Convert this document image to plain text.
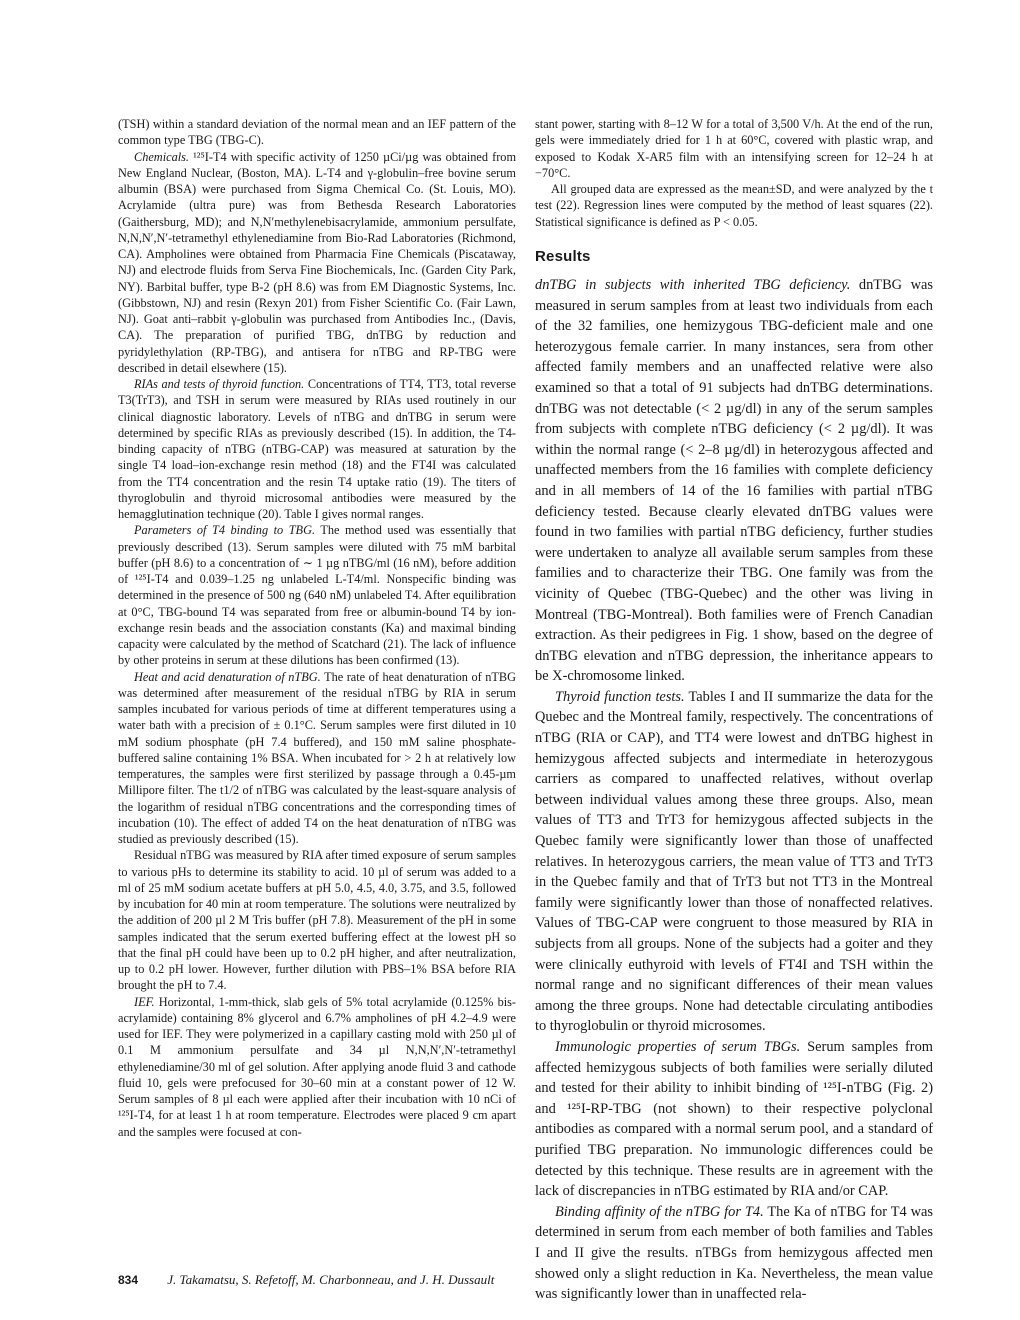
(TSH) within a standard deviation of the normal mean and an IEF pattern of the common type TBG (TBG-C).

Chemicals. ¹²⁵I-T4 with specific activity of 1250 µCi/µg was obtained from New England Nuclear, (Boston, MA). L-T4 and γ-globulin–free bovine serum albumin (BSA) were purchased from Sigma Chemical Co. (St. Louis, MO). Acrylamide (ultra pure) was from Bethesda Research Laboratories (Gaithersburg, MD); and N,N′methylenebisacrylamide, ammonium persulfate, N,N,N′,N′-tetramethyl ethylenediamine from Bio-Rad Laboratories (Richmond, CA). Ampholines were obtained from Pharmacia Fine Chemicals (Piscataway, NJ) and electrode fluids from Serva Fine Biochemicals, Inc. (Garden City Park, NY). Barbital buffer, type B-2 (pH 8.6) was from EM Diagnostic Systems, Inc. (Gibbstown, NJ) and resin (Rexyn 201) from Fisher Scientific Co. (Fair Lawn, NJ). Goat anti–rabbit γ-globulin was purchased from Antibodies Inc., (Davis, CA). The preparation of purified TBG, dnTBG by reduction and pyridylethylation (RP-TBG), and antisera for nTBG and RP-TBG were described in detail elsewhere (15).

RIAs and tests of thyroid function. Concentrations of TT4, TT3, total reverse T3(TrT3), and TSH in serum were measured by RIAs used routinely in our clinical diagnostic laboratory. Levels of nTBG and dnTBG in serum were determined by specific RIAs as previously described (15). In addition, the T4-binding capacity of nTBG (nTBG-CAP) was measured at saturation by the single T4 load–ion-exchange resin method (18) and the FT4I was calculated from the TT4 concentration and the resin T4 uptake ratio (19). The titers of thyroglobulin and thyroid microsomal antibodies were measured by the hemagglutination technique (20). Table I gives normal ranges.

Parameters of T4 binding to TBG. The method used was essentially that previously described (13). Serum samples were diluted with 75 mM barbital buffer (pH 8.6) to a concentration of ∼ 1 µg nTBG/ml (16 nM), before addition of ¹²⁵I-T4 and 0.039–1.25 ng unlabeled L-T4/ml. Nonspecific binding was determined in the presence of 500 ng (640 nM) unlabeled T4. After equilibration at 0°C, TBG-bound T4 was separated from free or albumin-bound T4 by ion-exchange resin beads and the association constants (Ka) and maximal binding capacity were calculated by the method of Scatchard (21). The lack of influence by other proteins in serum at these dilutions has been confirmed (13).

Heat and acid denaturation of nTBG. The rate of heat denaturation of nTBG was determined after measurement of the residual nTBG by RIA in serum samples incubated for various periods of time at different temperatures using a water bath with a precision of ± 0.1°C. Serum samples were first diluted in 10 mM sodium phosphate (pH 7.4 buffered), and 150 mM saline phosphate-buffered saline containing 1% BSA. When incubated for > 2 h at relatively low temperatures, the samples were first sterilized by passage through a 0.45-µm Millipore filter. The t1/2 of nTBG was calculated by the least-square analysis of the logarithm of residual nTBG concentrations and the corresponding times of incubation (10). The effect of added T4 on the heat denaturation of nTBG was studied as previously described (15).

Residual nTBG was measured by RIA after timed exposure of serum samples to various pHs to determine its stability to acid. 10 µl of serum was added to a ml of 25 mM sodium acetate buffers at pH 5.0, 4.5, 4.0, 3.75, and 3.5, followed by incubation for 40 min at room temperature. The solutions were neutralized by the addition of 200 µl 2 M Tris buffer (pH 7.8). Measurement of the pH in some samples indicated that the serum exerted buffering effect at the lowest pH so that the final pH could have been up to 0.2 pH higher, and after neutralization, up to 0.2 pH lower. However, further dilution with PBS–1% BSA before RIA brought the pH to 7.4.

IEF. Horizontal, 1-mm-thick, slab gels of 5% total acrylamide (0.125% bis-acrylamide) containing 8% glycerol and 6.7% ampholines of pH 4.2–4.9 were used for IEF. They were polymerized in a capillary casting mold with 250 µl of 0.1 M ammonium persulfate and 34 µl N,N,N′,N′-tetramethyl ethylenediamine/30 ml of gel solution. After applying anode fluid 3 and cathode fluid 10, gels were prefocused for 30–60 min at a constant power of 12 W. Serum samples of 8 µl each were applied after their incubation with 10 nCi of ¹²⁵I-T4, for at least 1 h at room temperature. Electrodes were placed 9 cm apart and the samples were focused at con-

stant power, starting with 8–12 W for a total of 3,500 V/h. At the end of the run, gels were immediately dried for 1 h at 60°C, covered with plastic wrap, and exposed to Kodak X-AR5 film with an intensifying screen for 12–24 h at −70°C.

All grouped data are expressed as the mean±SD, and were analyzed by the t test (22). Regression lines were computed by the method of least squares (22). Statistical significance is defined as P < 0.05.

Results

dnTBG in subjects with inherited TBG deficiency. dnTBG was measured in serum samples from at least two individuals from each of the 32 families, one hemizygous TBG-deficient male and one heterozygous female carrier. In many instances, sera from other affected family members and an unaffected relative were also examined so that a total of 91 subjects had dnTBG determinations. dnTBG was not detectable (< 2 µg/dl) in any of the serum samples from subjects with complete nTBG deficiency (< 2 µg/dl). It was within the normal range (< 2–8 µg/dl) in heterozygous affected and unaffected members from the 16 families with complete deficiency and in all members of 14 of the 16 families with partial nTBG deficiency tested. Because clearly elevated dnTBG values were found in two families with partial nTBG deficiency, further studies were undertaken to analyze all available serum samples from these families and to characterize their TBG. One family was from the vicinity of Quebec (TBG-Quebec) and the other was living in Montreal (TBG-Montreal). Both families were of French Canadian extraction. As their pedigrees in Fig. 1 show, based on the degree of dnTBG elevation and nTBG depression, the inheritance appears to be X-chromosome linked.

Thyroid function tests. Tables I and II summarize the data for the Quebec and the Montreal family, respectively. The concentrations of nTBG (RIA or CAP), and TT4 were lowest and dnTBG highest in hemizygous affected subjects and intermediate in heterozygous carriers as compared to unaffected relatives, without overlap between individual values among these three groups. Also, mean values of TT3 and TrT3 for hemizygous affected subjects in the Quebec family were significantly lower than those of unaffected relatives. In heterozygous carriers, the mean value of TT3 and TrT3 in the Quebec family and that of TrT3 but not TT3 in the Montreal family were significantly lower than those of nonaffected relatives. Values of TBG-CAP were congruent to those measured by RIA in subjects from all groups. None of the subjects had a goiter and they were clinically euthyroid with levels of FT4I and TSH within the normal range and no significant differences of their mean values among the three groups. None had detectable circulating antibodies to thyroglobulin or thyroid microsomes.

Immunologic properties of serum TBGs. Serum samples from affected hemizygous subjects of both families were serially diluted and tested for their ability to inhibit binding of ¹²⁵I-nTBG (Fig. 2) and ¹²⁵I-RP-TBG (not shown) to their respective polyclonal antibodies as compared with a normal serum pool, and a standard of purified TBG preparation. No immunologic differences could be detected by this technique. These results are in agreement with the lack of discrepancies in nTBG estimated by RIA and/or CAP.

Binding affinity of the nTBG for T4. The Ka of nTBG for T4 was determined in serum from each member of both families and Tables I and II give the results. nTBGs from hemizygous affected men showed only a slight reduction in Ka. Nevertheless, the mean value was significantly lower than in unaffected rela-

834 J. Takamatsu, S. Refetoff, M. Charbonneau, and J. H. Dussault
